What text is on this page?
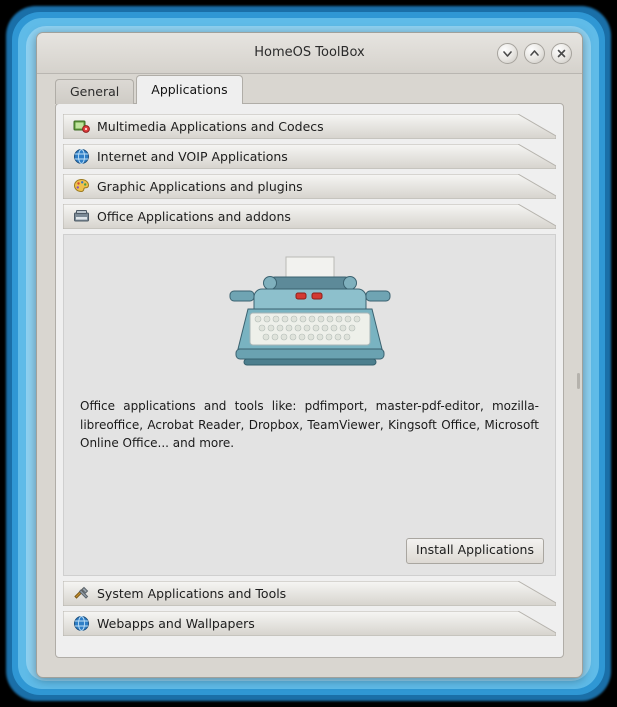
HomeOS ToolBox
General	Applications
Multimedia Applications and Codecs
Internet and VOIP Applications
Graphic Applications and plugins
Office Applications and addons
Office applications and tools like: pdfimport, master-pdf-editor, mozilla-libreoffice, Acrobat Reader, Dropbox, TeamViewer, Kingsoft Office, Microsoft Online Office... and more.
Install Applications
System Applications and Tools
Webapps and Wallpapers
